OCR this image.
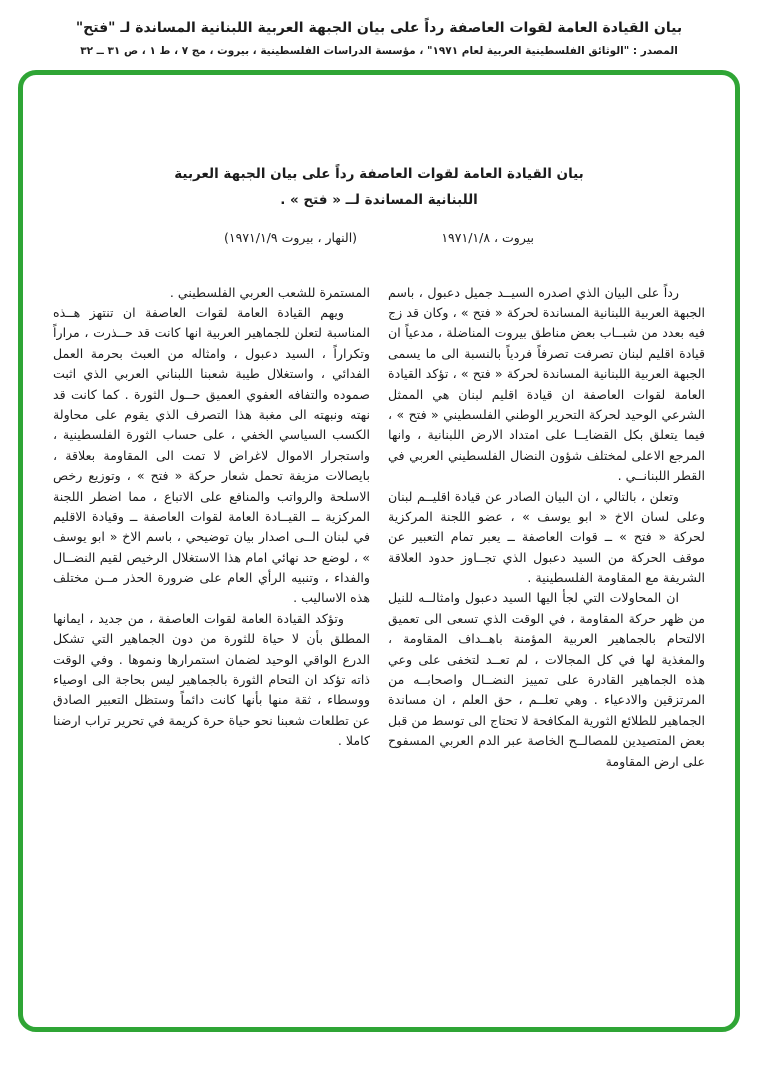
بيان القيادة العامة لقوات العاصفة رداً على بيان الجبهة العربية اللبنانية المساندة لـ "فتح"
المصدر : "الوثائق الفلسطينية العربية لعام ١٩٧١" ، مؤسسة الدراسات الفلسطينية ، بيروت ، مج ٧ ، ط ١ ، ص ٣١ ــ ٣٢
بيان القيادة العامة لقوات العاصفة رداً على بيان الجبهة العربية اللبنانية المساندة لــ « فتح » .
بيروت ، ١٩٧١/١/٨
(النهار ، بيروت ١٩٧١/١/٩)

رداً على البيان الذي اصدره السيــد جميل دعبول ، باسم الجبهة العربية اللبنانية المساندة لحركة « فتح » ، وكان قد زج فيه بعدد من شبــاب بعض مناطق بيروت المناضلة ، مدعياً ان قيادة اقليم لبنان تصرفت تصرفاً فردياً بالنسبة الى ما يسمى الجبهة العربية اللبنانية المساندة لحركة « فتح » ، تؤكد القيادة العامة لقوات العاصفة ان قيادة اقليم لبنان هي الممثل الشرعي الوحيد لحركة التحرير الوطني الفلسطيني « فتح » ، فيما يتعلق بكل القضايــا على امتداد الارض اللبنانية ، وانها المرجع الاعلى لمختلف شؤون النضال الفلسطيني العربي في القطر اللبنانــي .

وتعلن ، بالتالي ، ان البيان الصادر عن قيادة اقليــم لبنان وعلى لسان الاخ « ابو يوسف » ، عضو اللجنة المركزية لحركة « فتح » ــ قوات العاصفة ــ يعبر تمام التعبير عن موقف الحركة من السيد دعبول الذي تجــاوز حدود العلاقة الشريفة مع المقاومة الفلسطينية .

ان المحاولات التي لجأ اليها السيد دعبول وامثالــه للنيل من ظهر حركة المقاومة ، في الوقت الذي تسعى الى تعميق الالتحام بالجماهير العربية المؤمنة باهــداف المقاومة ، والمغذية لها في كل المجالات ، لم تعــد لتخفى على وعي هذه الجماهير القادرة على تمييز النضــال واصحابــه من المرتزقين والادعياء . وهي تعلــم ، حق العلم ، ان مساندة الجماهير للطلائع الثورية المكافحة لا تحتاج الى توسط من قبل بعض المتصيدين للمصالــح الخاصة عبر الدم العربي المسفوح على ارض المقاومة

المستمرة للشعب العربي الفلسطيني .

ويهم القيادة العامة لقوات العاصفة ان تنتهز هــذه المناسبة لتعلن للجماهير العربية انها كانت قد حــذرت ، مراراً وتكراراً ، السيد دعبول ، وامثاله من العبث بحرمة العمل الفدائي ، واستغلال طيبة شعبنا اللبناني العربي الذي اثبت صموده والتفافه العفوي العميق حــول الثورة . كما كانت قد نهته ونبهته الى مغبة هذا التصرف الذي يقوم على محاولة الكسب السياسي الخفي ، على حساب الثورة الفلسطينية ، واستجرار الاموال لاغراض لا تمت الى المقاومة بعلاقة ، بايصالات مزيفة تحمل شعار حركة « فتح » ، وتوزيع رخص الاسلحة والرواتب والمنافع على الاتباع ، مما اضطر اللجنة المركزية ــ القيــادة العامة لقوات العاصفة ــ وقيادة الاقليم في لبنان الــى اصدار بيان توضيحي ، باسم الاخ « ابو يوسف » ، لوضع حد نهائي امام هذا الاستغلال الرخيص لقيم النضــال والفداء ، وتنبيه الرأي العام على ضرورة الحذر مــن مختلف هذه الاساليب .

وتؤكد القيادة العامة لقوات العاصفة ، من جديد ، ايمانها المطلق بأن لا حياة للثورة من دون الجماهير التي تشكل الدرع الواقي الوحيد لضمان استمرارها ونموها . وفي الوقت ذاته تؤكد ان التحام الثورة بالجماهير ليس بحاجة الى اوصياء ووسطاء ، ثقة منها بأنها كانت دائماً وستظل التعبير الصادق عن تطلعات شعبنا نحو حياة حرة كريمة في تحرير تراب ارضنا كاملا .
